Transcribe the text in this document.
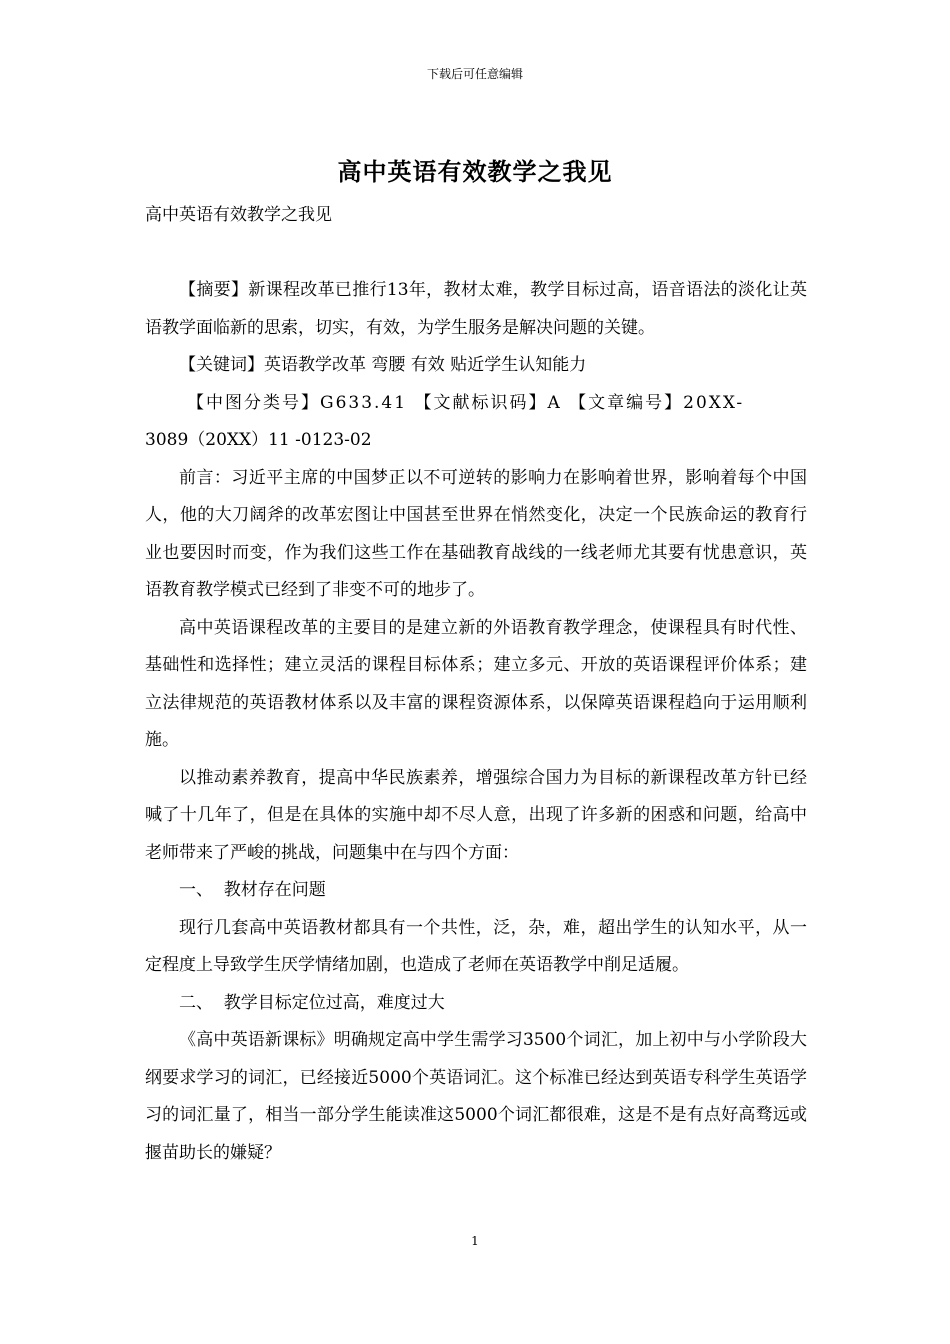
下载后可任意编辑
高中英语有效教学之我见

高中英语有效教学之我见

【摘要】新课程改革已推行13年，教材太难，教学目标过高，语音语法的淡化让英语教学面临新的思索，切实，有效，为学生服务是解决问题的关键。

【关键词】英语教学改革 弯腰 有效 贴近学生认知能力

【中图分类号】G633.41 【文献标识码】A 【文章编号】20XX-

3089（20XX）11 -0123-02

前言：习近平主席的中国梦正以不可逆转的影响力在影响着世界，影响着每个中国人，他的大刀阔斧的改革宏图让中国甚至世界在悄然变化，决定一个民族命运的教育行业也要因时而变，作为我们这些工作在基础教育战线的一线老师尤其要有忧患意识，英语教育教学模式已经到了非变不可的地步了。

高中英语课程改革的主要目的是建立新的外语教育教学理念，使课程具有时代性、基础性和选择性；建立灵活的课程目标体系；建立多元、开放的英语课程评价体系；建立法律规范的英语教材体系以及丰富的课程资源体系，以保障英语课程趋向于运用顺利施。

以推动素养教育，提高中华民族素养，增强综合国力为目标的新课程改革方针已经喊了十几年了，但是在具体的实施中却不尽人意，出现了许多新的困惑和问题，给高中老师带来了严峻的挑战，问题集中在与四个方面：

一、  教材存在问题

现行几套高中英语教材都具有一个共性，泛，杂，难，超出学生的认知水平，从一定程度上导致学生厌学情绪加剧，也造成了老师在英语教学中削足适履。

二、  教学目标定位过高，难度过大

《高中英语新课标》明确规定高中学生需学习3500个词汇，加上初中与小学阶段大纲要求学习的词汇，已经接近5000个英语词汇。这个标准已经达到英语专科学生英语学习的词汇量了，相当一部分学生能读准这5000个词汇都很难，这是不是有点好高骛远或揠苗助长的嫌疑？

1
